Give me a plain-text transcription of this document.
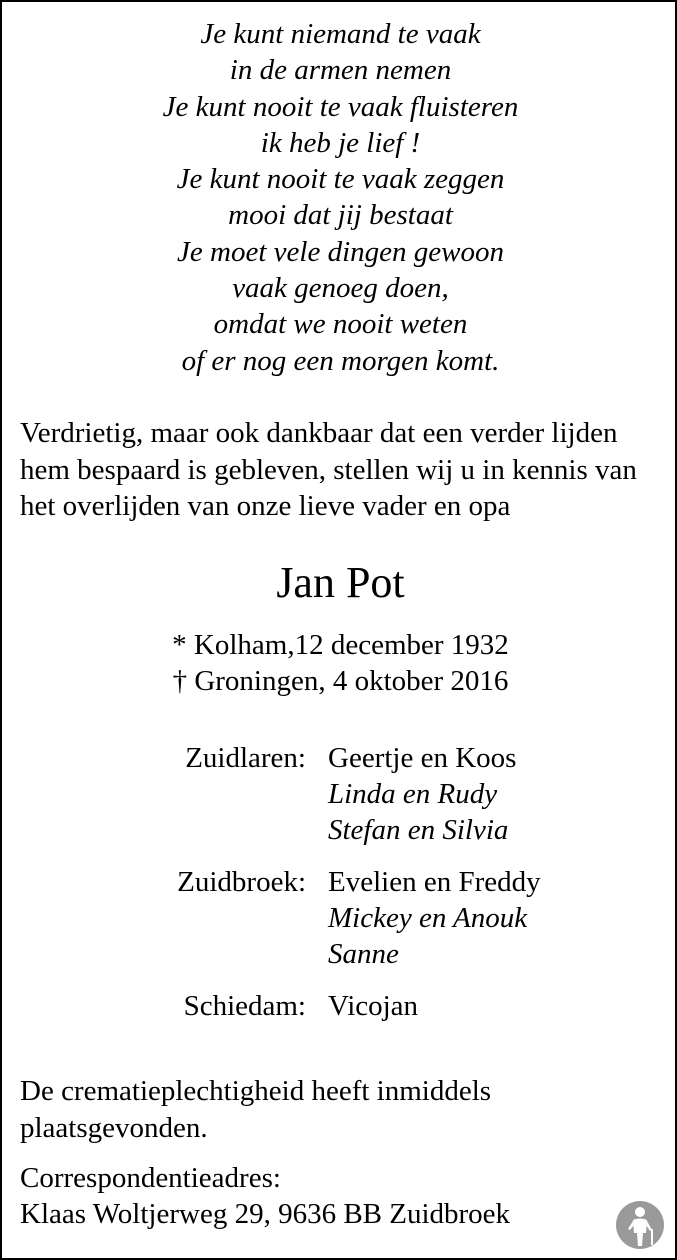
Je kunt niemand te vaak
in de armen nemen
Je kunt nooit te vaak fluisteren
ik heb je lief !
Je kunt nooit te vaak zeggen
mooi dat jij bestaat
Je moet vele dingen gewoon
vaak genoeg doen,
omdat we nooit weten
of er nog een morgen komt.
Verdrietig, maar ook dankbaar dat een verder lijden hem bespaard is gebleven, stellen wij u in kennis van het overlijden van onze lieve vader en opa
Jan Pot
* Kolham,12 december 1932
† Groningen, 4 oktober 2016
Zuidlaren: Geertje en Koos
Linda en Rudy
Stefan en Silvia
Zuidbroek: Evelien en Freddy
Mickey en Anouk
Sanne
Schiedam: Vicojan
De crematieplechtigheid heeft inmiddels plaatsgevonden.
Correspondentieadres:
Klaas Woltjerweg 29, 9636 BB Zuidbroek
